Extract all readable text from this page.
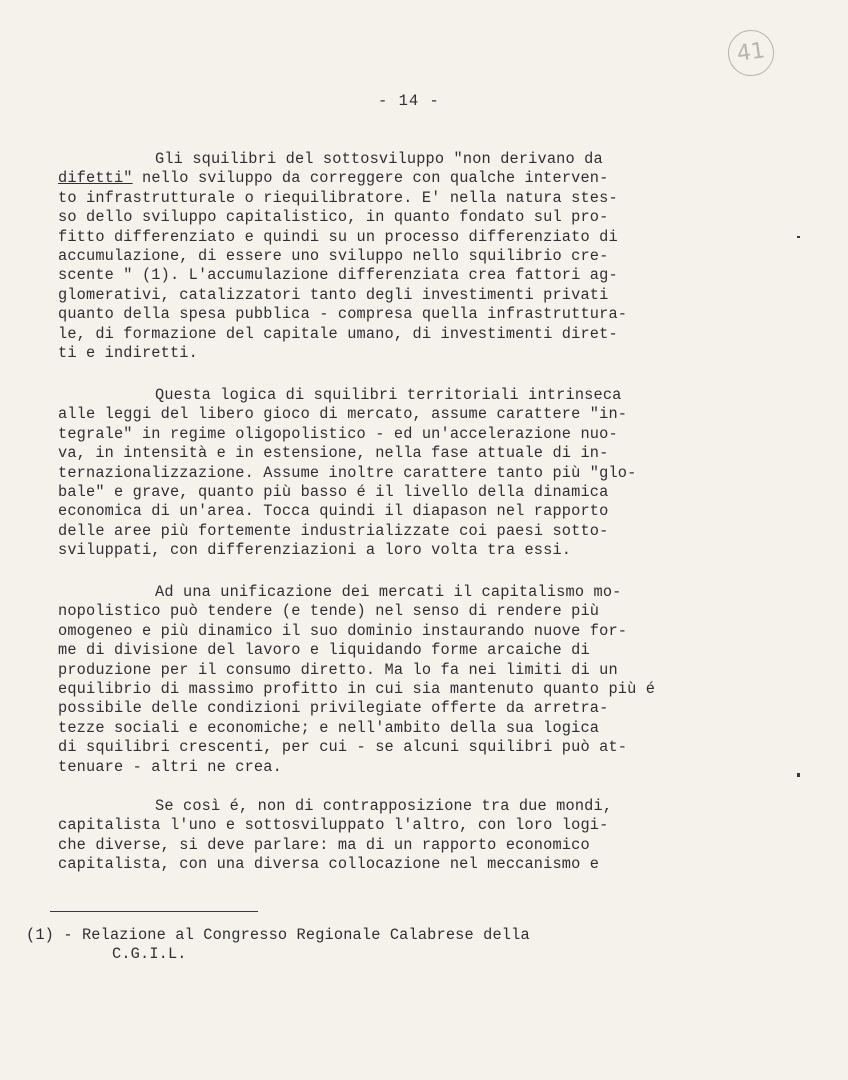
41
- 14 -
Gli squilibri del sottosviluppo "non derivano da
difetti" nello sviluppo da correggere con qualche interven-
to infrastrutturale o riequilibratore. E' nella natura stes-
so dello sviluppo capitalistico, in quanto fondato sul pro-
fitto differenziato e quindi su un processo differenziato di
accumulazione, di essere uno sviluppo nello squilibrio cre-
scente " (1). L'accumulazione differenziata crea fattori ag-
glomerativi, catalizzatori tanto degli investimenti privati
quanto della spesa pubblica - compresa quella infrastruttura-
le, di formazione del capitale umano, di investimenti diret-
ti e indiretti.
Questa logica di squilibri territoriali intrinseca
alle leggi del libero gioco di mercato, assume carattere "in-
tegrale" in regime oligopolistico - ed un'accelerazione nuo-
va, in intensità e in estensione, nella fase attuale di in-
ternazionalizzazione. Assume inoltre carattere tanto più "glo-
bale" e grave, quanto più basso é il livello della dinamica
economica di un'area. Tocca quindi il diapason nel rapporto
delle aree più fortemente industrializzate coi paesi sotto-
sviluppati, con differenziazioni a loro volta tra essi.
Ad una unificazione dei mercati il capitalismo mo-
nopolistico può tendere (e tende) nel senso di rendere più
omogeneo e più dinamico il suo dominio instaurando nuove for-
me di divisione del lavoro e liquidando forme arcaiche di
produzione per il consumo diretto. Ma lo fa nei limiti di un
equilibrio di massimo profitto in cui sia mantenuto quanto più é
possibile delle condizioni privilegiate offerte da arretra-
tezze sociali e economiche; e nell'ambito della sua logica
di squilibri crescenti, per cui - se alcuni squilibri può at-
tenuare - altri ne crea.
Se così é, non di contrapposizione tra due mondi,
capitalista l'uno e sottosviluppato l'altro, con loro logi-
che diverse, si deve parlare: ma di un rapporto economico
capitalista, con una diversa collocazione nel meccanismo e
(1) - Relazione al Congresso Regionale Calabrese della
C.G.I.L.
